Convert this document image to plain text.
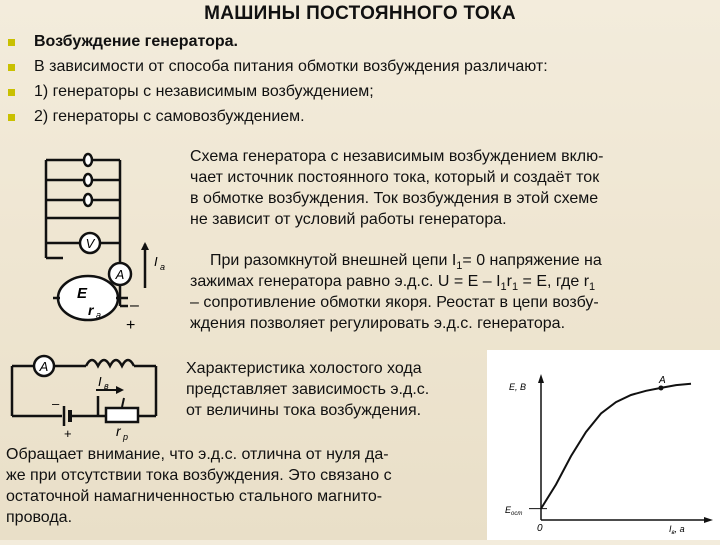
МАШИНЫ ПОСТОЯННОГО ТОКА
Возбуждение генератора.
В зависимости от способа питания обмотки возбуждения различают:
1) генераторы с независимым возбуждением;
2) генераторы с самовозбуждением.
V
A
E
r a
–
+
I a
A
I в
r p
–
+
Схема генератора с независимым возбуждением вклю-
чает источник постоянного тока, который и создаёт ток
в обмотке возбуждения. Ток возбуждения в этой схеме
не зависит от условий работы генератора.
При разомкнутой внешней цепи $I_1= 0$ напряжение на
зажимах генератора равно э.д.с. $U = E - I_1r_1 = E$, где $r_1$
– сопротивление обмотки якоря. Реостат в цепи возбу-
ждения позволяет регулировать э.д.с. генератора.
Характеристика холостого хода
представляет зависимость э.д.с.
от величины тока возбуждения.
Обращает внимание, что э.д.с. отлична от нуля да-
же при отсутствии тока возбуждения. Это связано с
остаточной намагниченностью стального магнито-
провода.
E, B
$E_{ост}$
0	$I_в$, a
A
